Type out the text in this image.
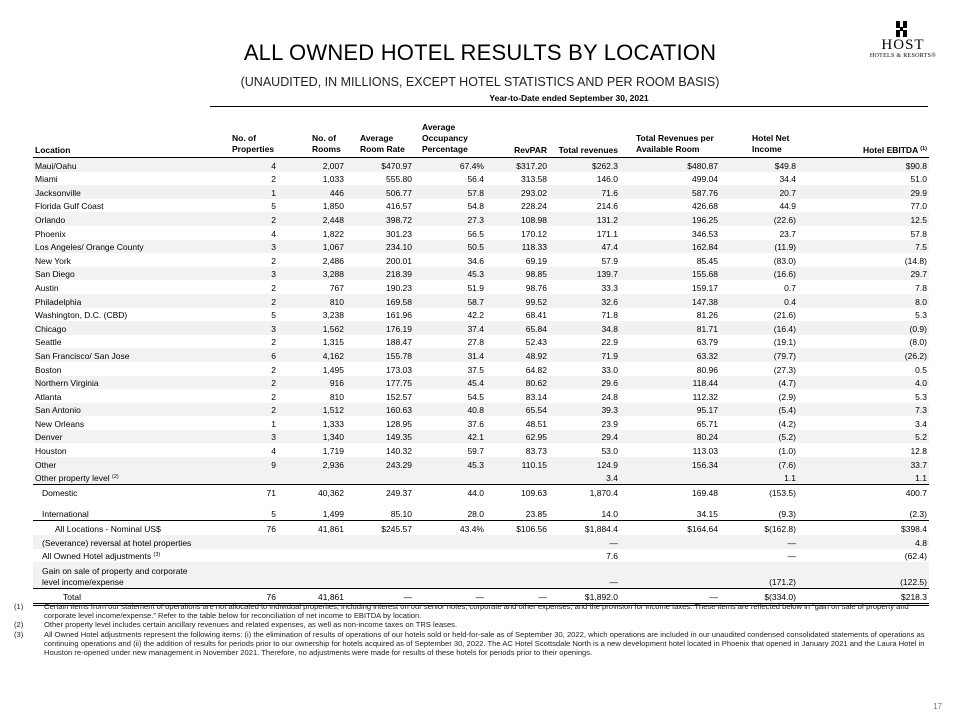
ALL OWNED HOTEL RESULTS BY LOCATION
(UNAUDITED, IN MILLIONS, EXCEPT HOTEL STATISTICS AND PER ROOM BASIS)
HOST
HOTELS & RESORTS®
Year-to-Date ended September 30, 2021
Location	No. of Properties	No. of Rooms	Average Room Rate	Average Occupancy Percentage	RevPAR	Total revenues	Total Revenues per Available Room	Hotel Net Income	Hotel EBITDA $^{(1)}$
Maui/Oahu	4	2,007	$470.97	67.4%	$317.20	$262.3	$480.87	$49.8	$90.8
Miami	2	1,033	555.80	56.4	313.58	146.0	499.04	34.4	51.0
Jacksonville	1	446	506.77	57.8	293.02	71.6	587.76	20.7	29.9
Florida Gulf Coast	5	1,850	416.57	54.8	228.24	214.6	426.68	44.9	77.0
Orlando	2	2,448	398.72	27.3	108.98	131.2	196.25	(22.6)	12.5
Phoenix	4	1,822	301.23	56.5	170.12	171.1	346.53	23.7	57.8
Los Angeles/ Orange County	3	1,067	234.10	50.5	118.33	47.4	162.84	(11.9)	7.5
New York	2	2,486	200.01	34.6	69.19	57.9	85.45	(83.0)	(14.8)
San Diego	3	3,288	218.39	45.3	98.85	139.7	155.68	(16.6)	29.7
Austin	2	767	190.23	51.9	98.76	33.3	159.17	0.7	7.8
Philadelphia	2	810	169.58	58.7	99.52	32.6	147.38	0.4	8.0
Washington, D.C. (CBD)	5	3,238	161.96	42.2	68.41	71.8	81.26	(21.6)	5.3
Chicago	3	1,562	176.19	37.4	65.84	34.8	81.71	(16.4)	(0.9)
Seattle	2	1,315	188.47	27.8	52.43	22.9	63.79	(19.1)	(8.0)
San Francisco/ San Jose	6	4,162	155.78	31.4	48.92	71.9	63.32	(79.7)	(26.2)
Boston	2	1,495	173.03	37.5	64.82	33.0	80.96	(27.3)	0.5
Northern Virginia	2	916	177.75	45.4	80.62	29.6	118.44	(4.7)	4.0
Atlanta	2	810	152.57	54.5	83.14	24.8	112.32	(2.9)	5.3
San Antonio	2	1,512	160.63	40.8	65.54	39.3	95.17	(5.4)	7.3
New Orleans	1	1,333	128.95	37.6	48.51	23.9	65.71	(4.2)	3.4
Denver	3	1,340	149.35	42.1	62.95	29.4	80.24	(5.2)	5.2
Houston	4	1,719	140.32	59.7	83.73	53.0	113.03	(1.0)	12.8
Other	9	2,936	243.29	45.3	110.15	124.9	156.34	(7.6)	33.7
Other property level $^{(2)}$						3.4		1.1	1.1
Domestic	71	40,362	249.37	44.0	109.63	1,870.4	169.48	(153.5)	400.7

International	5	1,499	85.10	28.0	23.85	14.0	34.15	(9.3)	(2.3)
All Locations - Nominal US$	76	41,861	$245.57	43.4%	$106.56	$1,884.4	$164.64	$(162.8)	$398.4
(Severance) reversal at hotel properties						—		—	4.8
All Owned Hotel adjustments $^{(3)}$						7.6		—	(62.4)

Gain on sale of property and corporate level income/expense						—		(171.2)	(122.5)
Total	76	41,861	—	—	—	$1,892.0	—	$(334.0)	$218.3
(1)	Certain items from our statement of operations are not allocated to individual properties, including interest on our senior notes, corporate and other expenses, and the provision for income taxes. These items are reflected below in “gain on sale of property and corporate level income/expense.” Refer to the table below for reconciliation of net income to EBITDA by location.
(2)	Other property level includes certain ancillary revenues and related expenses, as well as non-income taxes on TRS leases.
(3)	All Owned Hotel adjustments represent the following items: (i) the elimination of results of operations of our hotels sold or held-for-sale as of September 30, 2022, which operations are included in our unaudited condensed consolidated statements of operations as continuing operations and (ii) the addition of results for periods prior to our ownership for hotels acquired as of September 30, 2022. The AC Hotel Scottsdale North is a new development hotel located in Phoenix that opened in January 2021 and the Laura Hotel in Houston re-opened under new management in November 2021. Therefore, no adjustments were made for results of these hotels for periods prior to their openings.
17
